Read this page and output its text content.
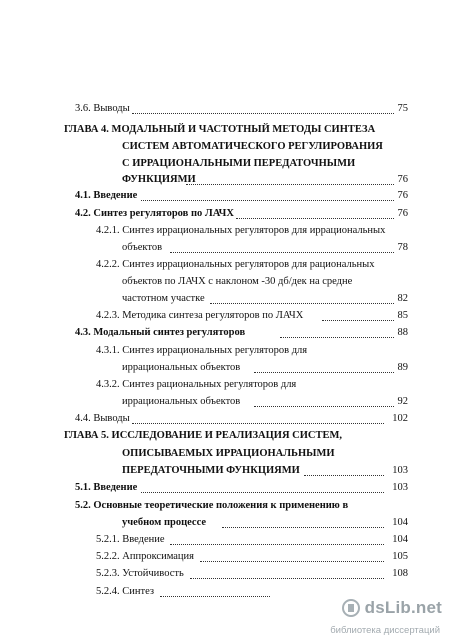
3.6. Выводы	75
ГЛАВА 4. МОДАЛЬНЫЙ И ЧАСТОТНЫЙ МЕТОДЫ СИНТЕЗА
СИСТЕМ АВТОМАТИЧЕСКОГО РЕГУЛИРОВАНИЯ
С ИРРАЦИОНАЛЬНЫМИ ПЕРЕДАТОЧНЫМИ
ФУНКЦИЯМИ	76
4.1. Введение	76
4.2. Синтез регуляторов по ЛАЧХ	76
4.2.1. Синтез иррациональных регуляторов для иррациональных
объектов	78
4.2.2. Синтез иррациональных регуляторов для рациональных
объектов по ЛАЧХ с наклоном -30 дб/дек на средне
частотном участке	82
4.2.3. Методика синтеза регуляторов по ЛАЧХ	85
4.3. Модальный синтез регуляторов	88
4.3.1. Синтез иррациональных регуляторов для
иррациональных объектов	89
4.3.2. Синтез рациональных регуляторов для
иррациональных объектов	92
4.4. Выводы	102
ГЛАВА 5. ИССЛЕДОВАНИЕ И РЕАЛИЗАЦИЯ СИСТЕМ,
ОПИСЫВАЕМЫХ ИРРАЦИОНАЛЬНЫМИ
ПЕРЕДАТОЧНЫМИ ФУНКЦИЯМИ	103
5.1. Введение	103
5.2. Основные теоретические положения к применению в
учебном процессе	104
5.2.1. Введение	104
5.2.2. Аппроксимация	105
5.2.3. Устойчивость	108
5.2.4. Синтез
dsLib.net
библиотека диссертаций
